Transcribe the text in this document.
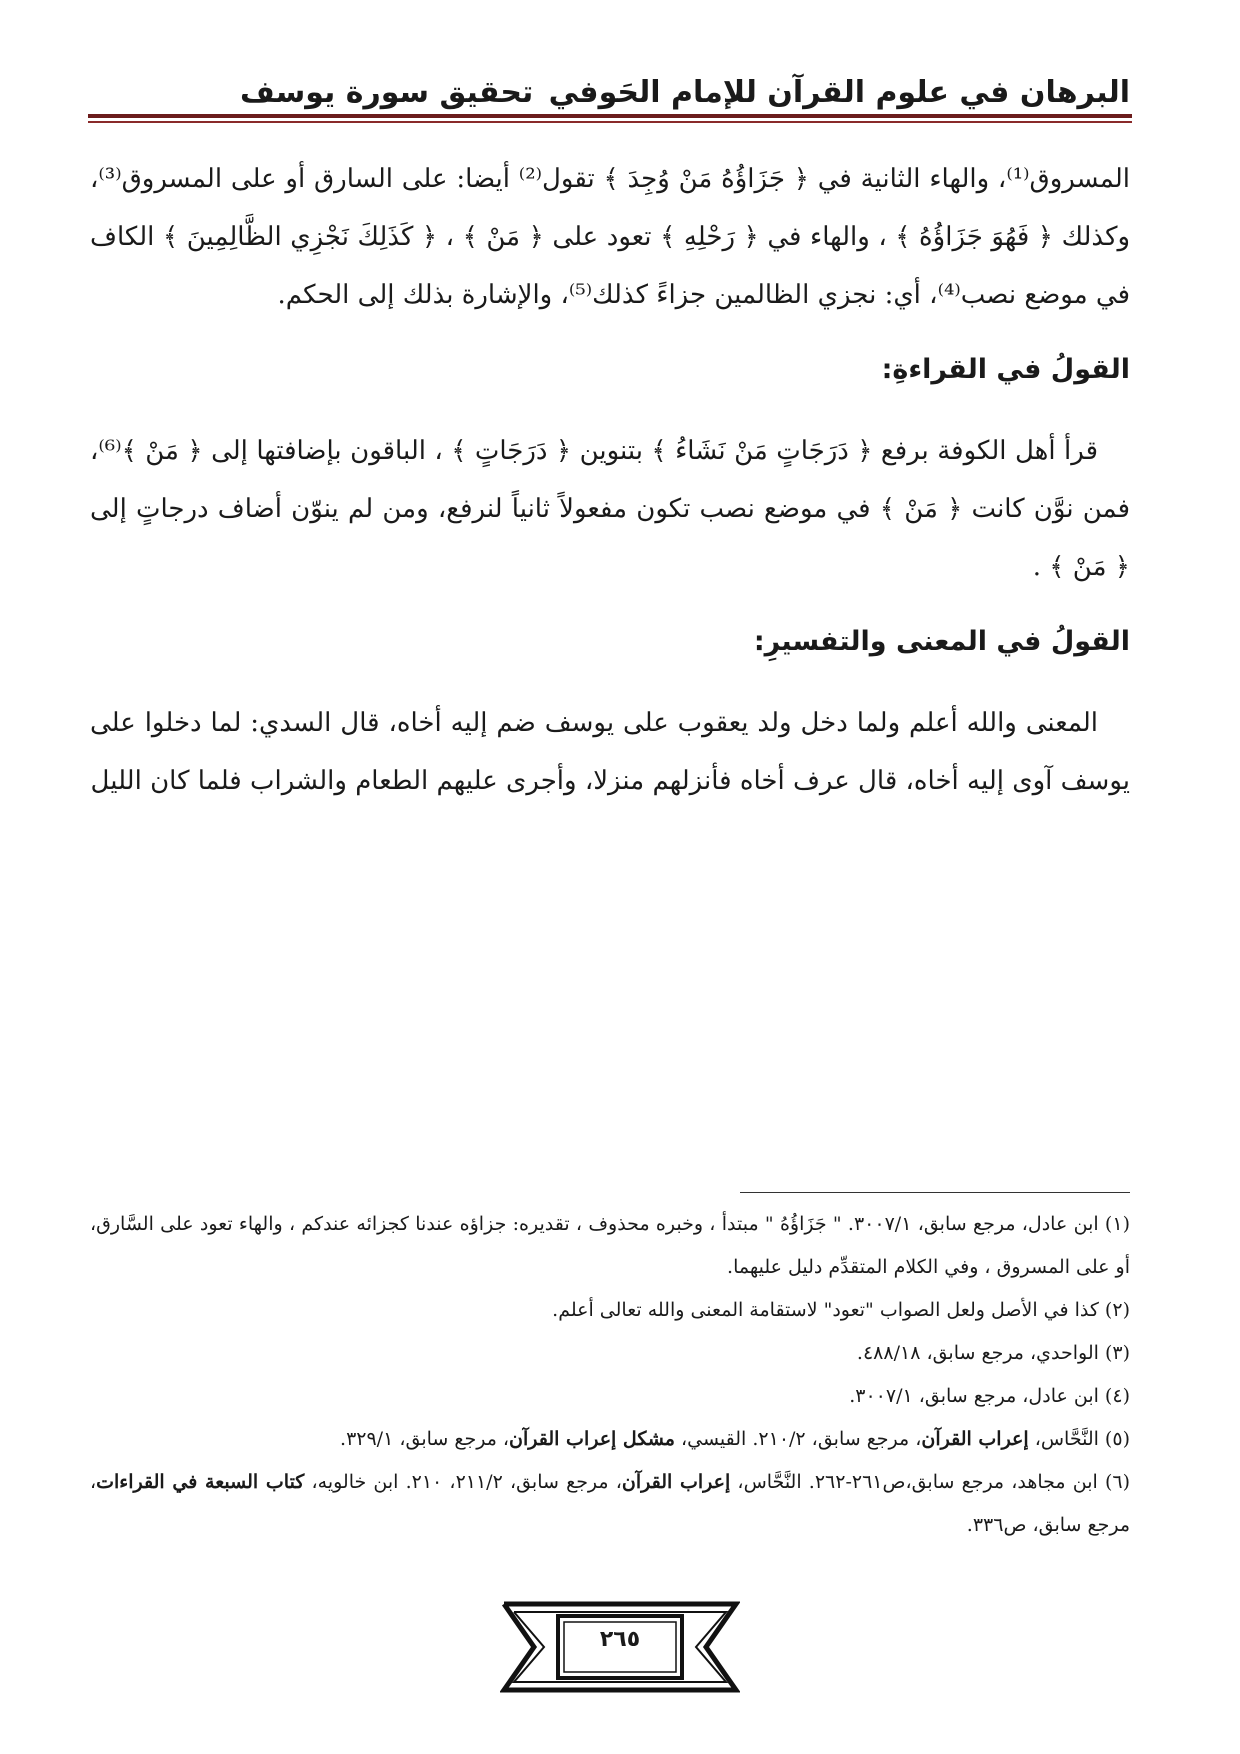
البرهان في علوم القرآن للإمام الحَوفي
تحقيق سورة يوسف

المسروق⁽¹⁾، والهاء الثانية في ﴿ جَزَاؤُهُ مَنْ وُجِدَ ﴾ تقول⁽²⁾ أيضا: على السارق أو على المسروق⁽³⁾، وكذلك ﴿ فَهُوَ جَزَاؤُهُ ﴾ ، والهاء في ﴿ رَحْلِهِ ﴾ تعود على ﴿ مَنْ ﴾ ، ﴿ كَذَلِكَ نَجْزِي الظَّالِمِينَ ﴾ الكاف في موضع نصب⁽⁴⁾، أي: نجزي الظالمين جزاءً كذلك⁽⁵⁾، والإشارة بذلك إلى الحكم.

القولُ في القراءةِ:

قرأ أهل الكوفة برفع ﴿ دَرَجَاتٍ مَنْ نَشَاءُ ﴾ بتنوين ﴿ دَرَجَاتٍ ﴾ ، الباقون بإضافتها إلى ﴿ مَنْ ﴾⁽⁶⁾، فمن نوَّن كانت ﴿ مَنْ ﴾ في موضع نصب تكون مفعولاً ثانياً لنرفع، ومن لم ينوّن أضاف درجاتٍ إلى ﴿ مَنْ ﴾ .

القولُ في المعنى والتفسيرِ:

المعنى والله أعلم ولما دخل ولد يعقوب على يوسف ضم إليه أخاه، قال السدي: لما دخلوا على يوسف آوى إليه أخاه، قال عرف أخاه فأنزلهم منزلا، وأجرى عليهم الطعام والشراب فلما كان الليل

(١) ابن عادل، مرجع سابق، ٣٠٠٧/١. " جَزَاؤُهُ " مبتدأ ، وخبره محذوف ، تقديره: جزاؤه عندنا كجزائه عندكم ، والهاء تعود على السَّارق، أو على المسروق ، وفي الكلام المتقدِّم دليل عليهما.

(٢) كذا في الأصل ولعل الصواب "تعود" لاستقامة المعنى والله تعالى أعلم.

(٣) الواحدي، مرجع سابق، ٤٨٨/١٨.

(٤) ابن عادل، مرجع سابق، ٣٠٠٧/١.

(٥) النَّحَّاس، إعراب القرآن، مرجع سابق، ٢١٠/٢. القيسي، مشكل إعراب القرآن، مرجع سابق، ٣٢٩/١.

(٦) ابن مجاهد، مرجع سابق،ص٢٦١-٢٦٢. النَّحَّاس، إعراب القرآن، مرجع سابق، ٢١١/٢، ٢١٠. ابن خالويه، كتاب السبعة في القراءات، مرجع سابق، ص٣٣٦.

٢٦٥
